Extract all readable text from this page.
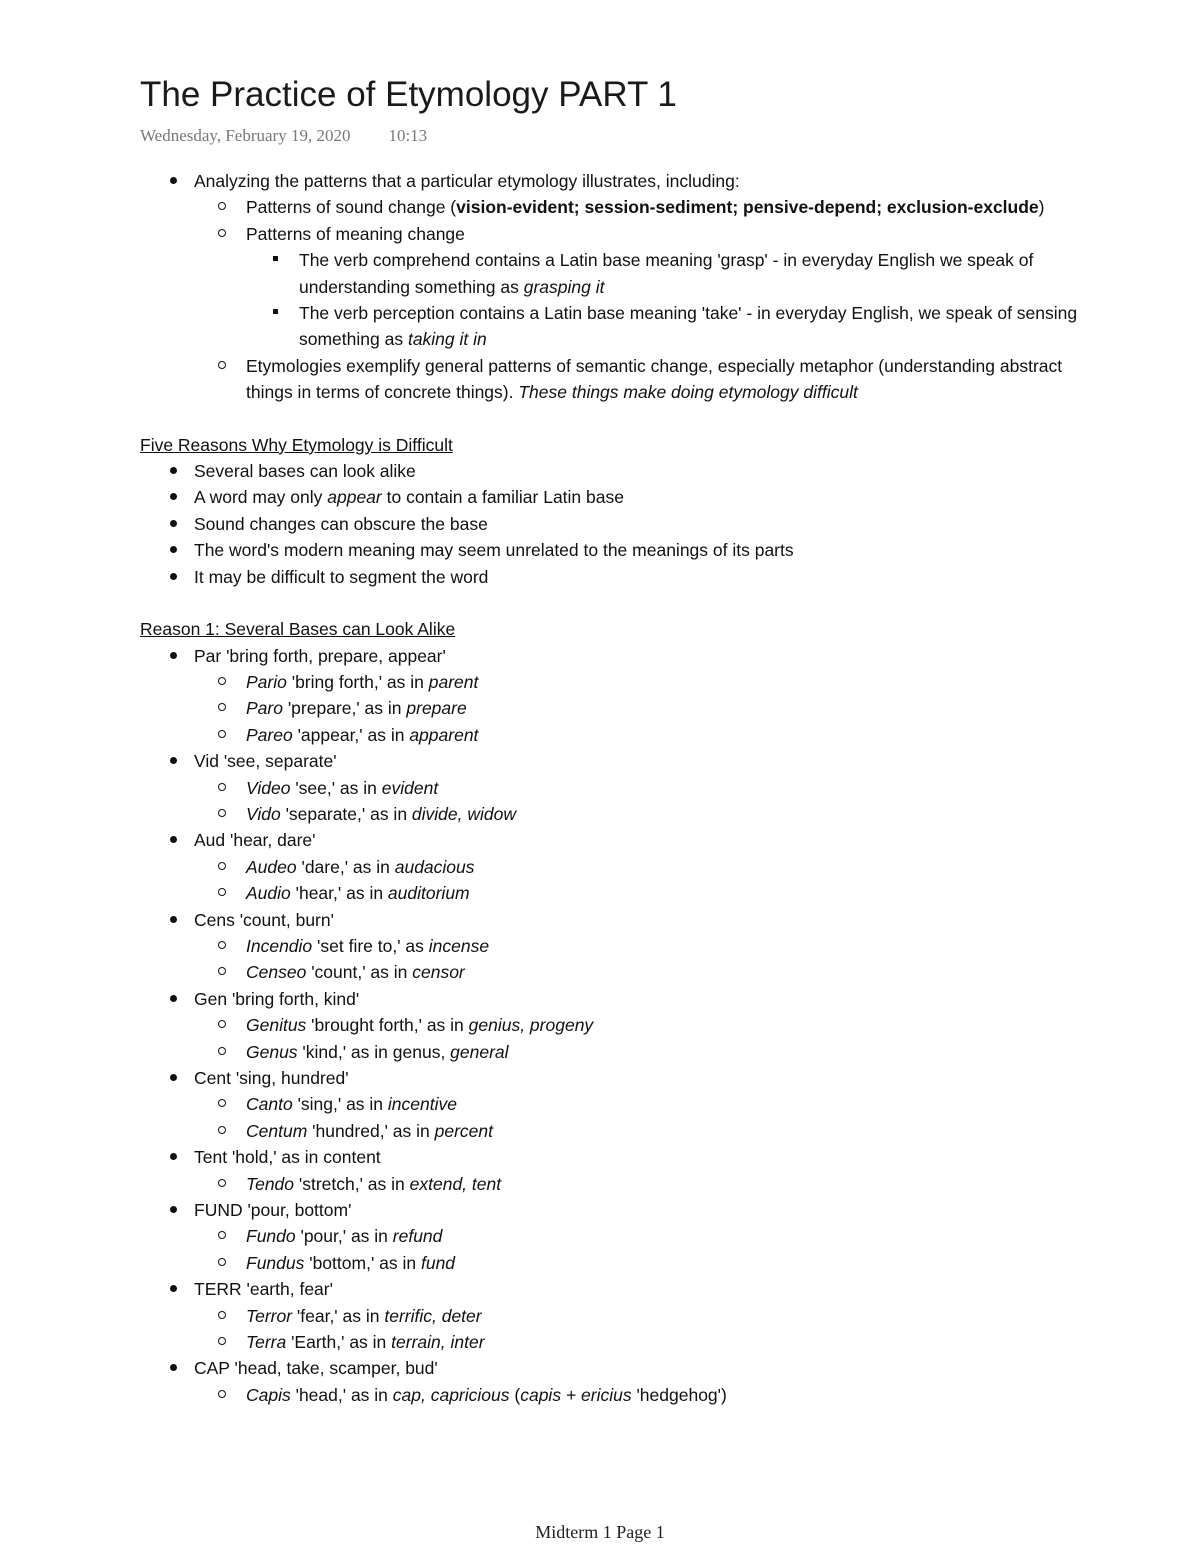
The Practice of Etymology PART 1
Wednesday, February 19, 2020 10:13
Analyzing the patterns that a particular etymology illustrates, including:
Patterns of sound change (vision-evident; session-sediment; pensive-depend; exclusion-exclude)
Patterns of meaning change
The verb comprehend contains a Latin base meaning 'grasp' - in everyday English we speak of understanding something as grasping it
The verb perception contains a Latin base meaning 'take' - in everyday English, we speak of sensing something as taking it in
Etymologies exemplify general patterns of semantic change, especially metaphor (understanding abstract things in terms of concrete things). These things make doing etymology difficult
Five Reasons Why Etymology is Difficult
Several bases can look alike
A word may only appear to contain a familiar Latin base
Sound changes can obscure the base
The word's modern meaning may seem unrelated to the meanings of its parts
It may be difficult to segment the word
Reason 1: Several Bases can Look Alike
Par 'bring forth, prepare, appear'
Pario 'bring forth,' as in parent
Paro 'prepare,' as in prepare
Pareo 'appear,' as in apparent
Vid 'see, separate'
Video 'see,' as in evident
Vido 'separate,' as in divide, widow
Aud 'hear, dare'
Audeo 'dare,' as in audacious
Audio 'hear,' as in auditorium
Cens 'count, burn'
Incendio 'set fire to,' as incense
Censeo 'count,' as in censor
Gen 'bring forth, kind'
Genitus 'brought forth,' as in genius, progeny
Genus 'kind,' as in genus, general
Cent 'sing, hundred'
Canto 'sing,' as in incentive
Centum 'hundred,' as in percent
Tent 'hold,' as in content
Tendo 'stretch,' as in extend, tent
FUND 'pour, bottom'
Fundo 'pour,' as in refund
Fundus 'bottom,' as in fund
TERR 'earth, fear'
Terror 'fear,' as in terrific, deter
Terra 'Earth,' as in terrain, inter
CAP 'head, take, scamper, bud'
Capis 'head,' as in cap, capricious (capis + ericius 'hedgehog')
Midterm 1 Page 1
